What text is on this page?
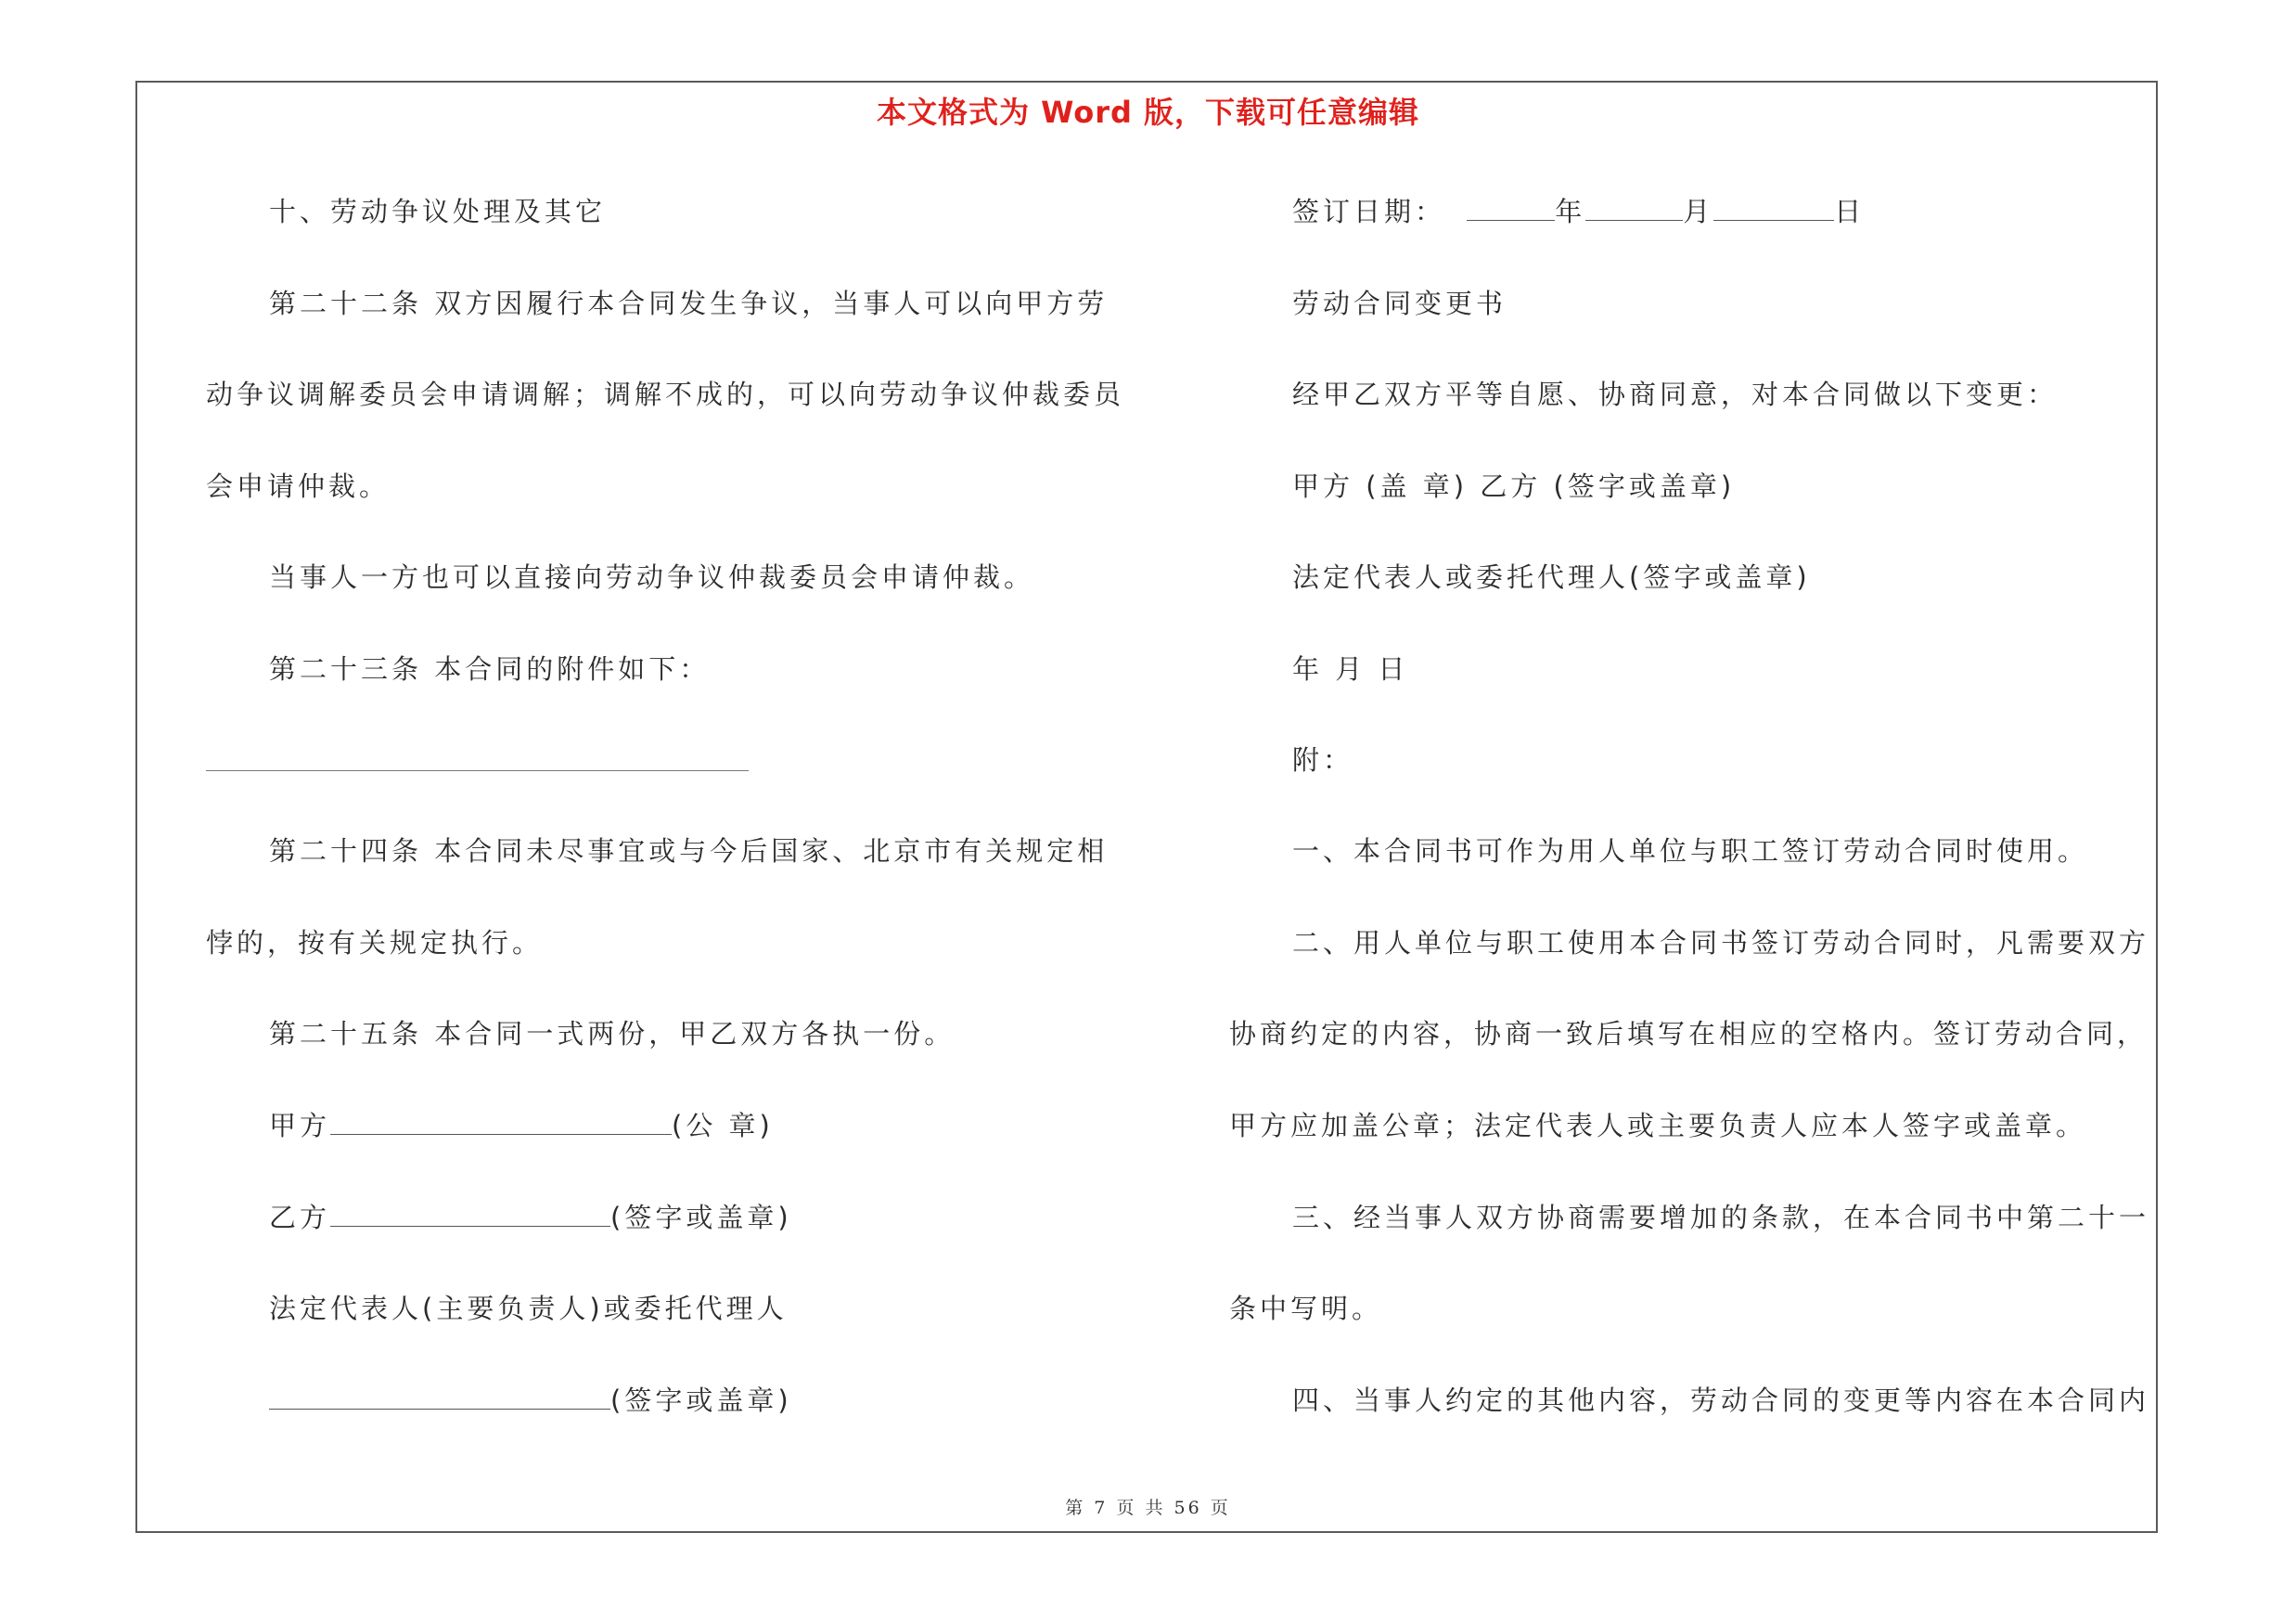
本文格式为 Word 版，下载可任意编辑
十、劳动争议处理及其它
第二十二条 双方因履行本合同发生争议，当事人可以向甲方劳
动争议调解委员会申请调解；调解不成的，可以向劳动争议仲裁委员
会申请仲裁。
当事人一方也可以直接向劳动争议仲裁委员会申请仲裁。
第二十三条 本合同的附件如下：
第二十四条 本合同未尽事宜或与今后国家、北京市有关规定相
悖的，按有关规定执行。
第二十五条 本合同一式两份，甲乙双方各执一份。
甲方	(公 章)
乙方	(签字或盖章)
法定代表人(主要负责人)或委托代理人
(签字或盖章)
签订日期：	年	月	日
劳动合同变更书
经甲乙双方平等自愿、协商同意，对本合同做以下变更：
甲方 (盖 章) 乙方 (签字或盖章)
法定代表人或委托代理人(签字或盖章)
年 月 日
附：
一、本合同书可作为用人单位与职工签订劳动合同时使用。
二、用人单位与职工使用本合同书签订劳动合同时，凡需要双方
协商约定的内容，协商一致后填写在相应的空格内。签订劳动合同，
甲方应加盖公章；法定代表人或主要负责人应本人签字或盖章。
三、经当事人双方协商需要增加的条款，在本合同书中第二十一
条中写明。
四、当事人约定的其他内容，劳动合同的变更等内容在本合同内
第 7 页 共 56 页
